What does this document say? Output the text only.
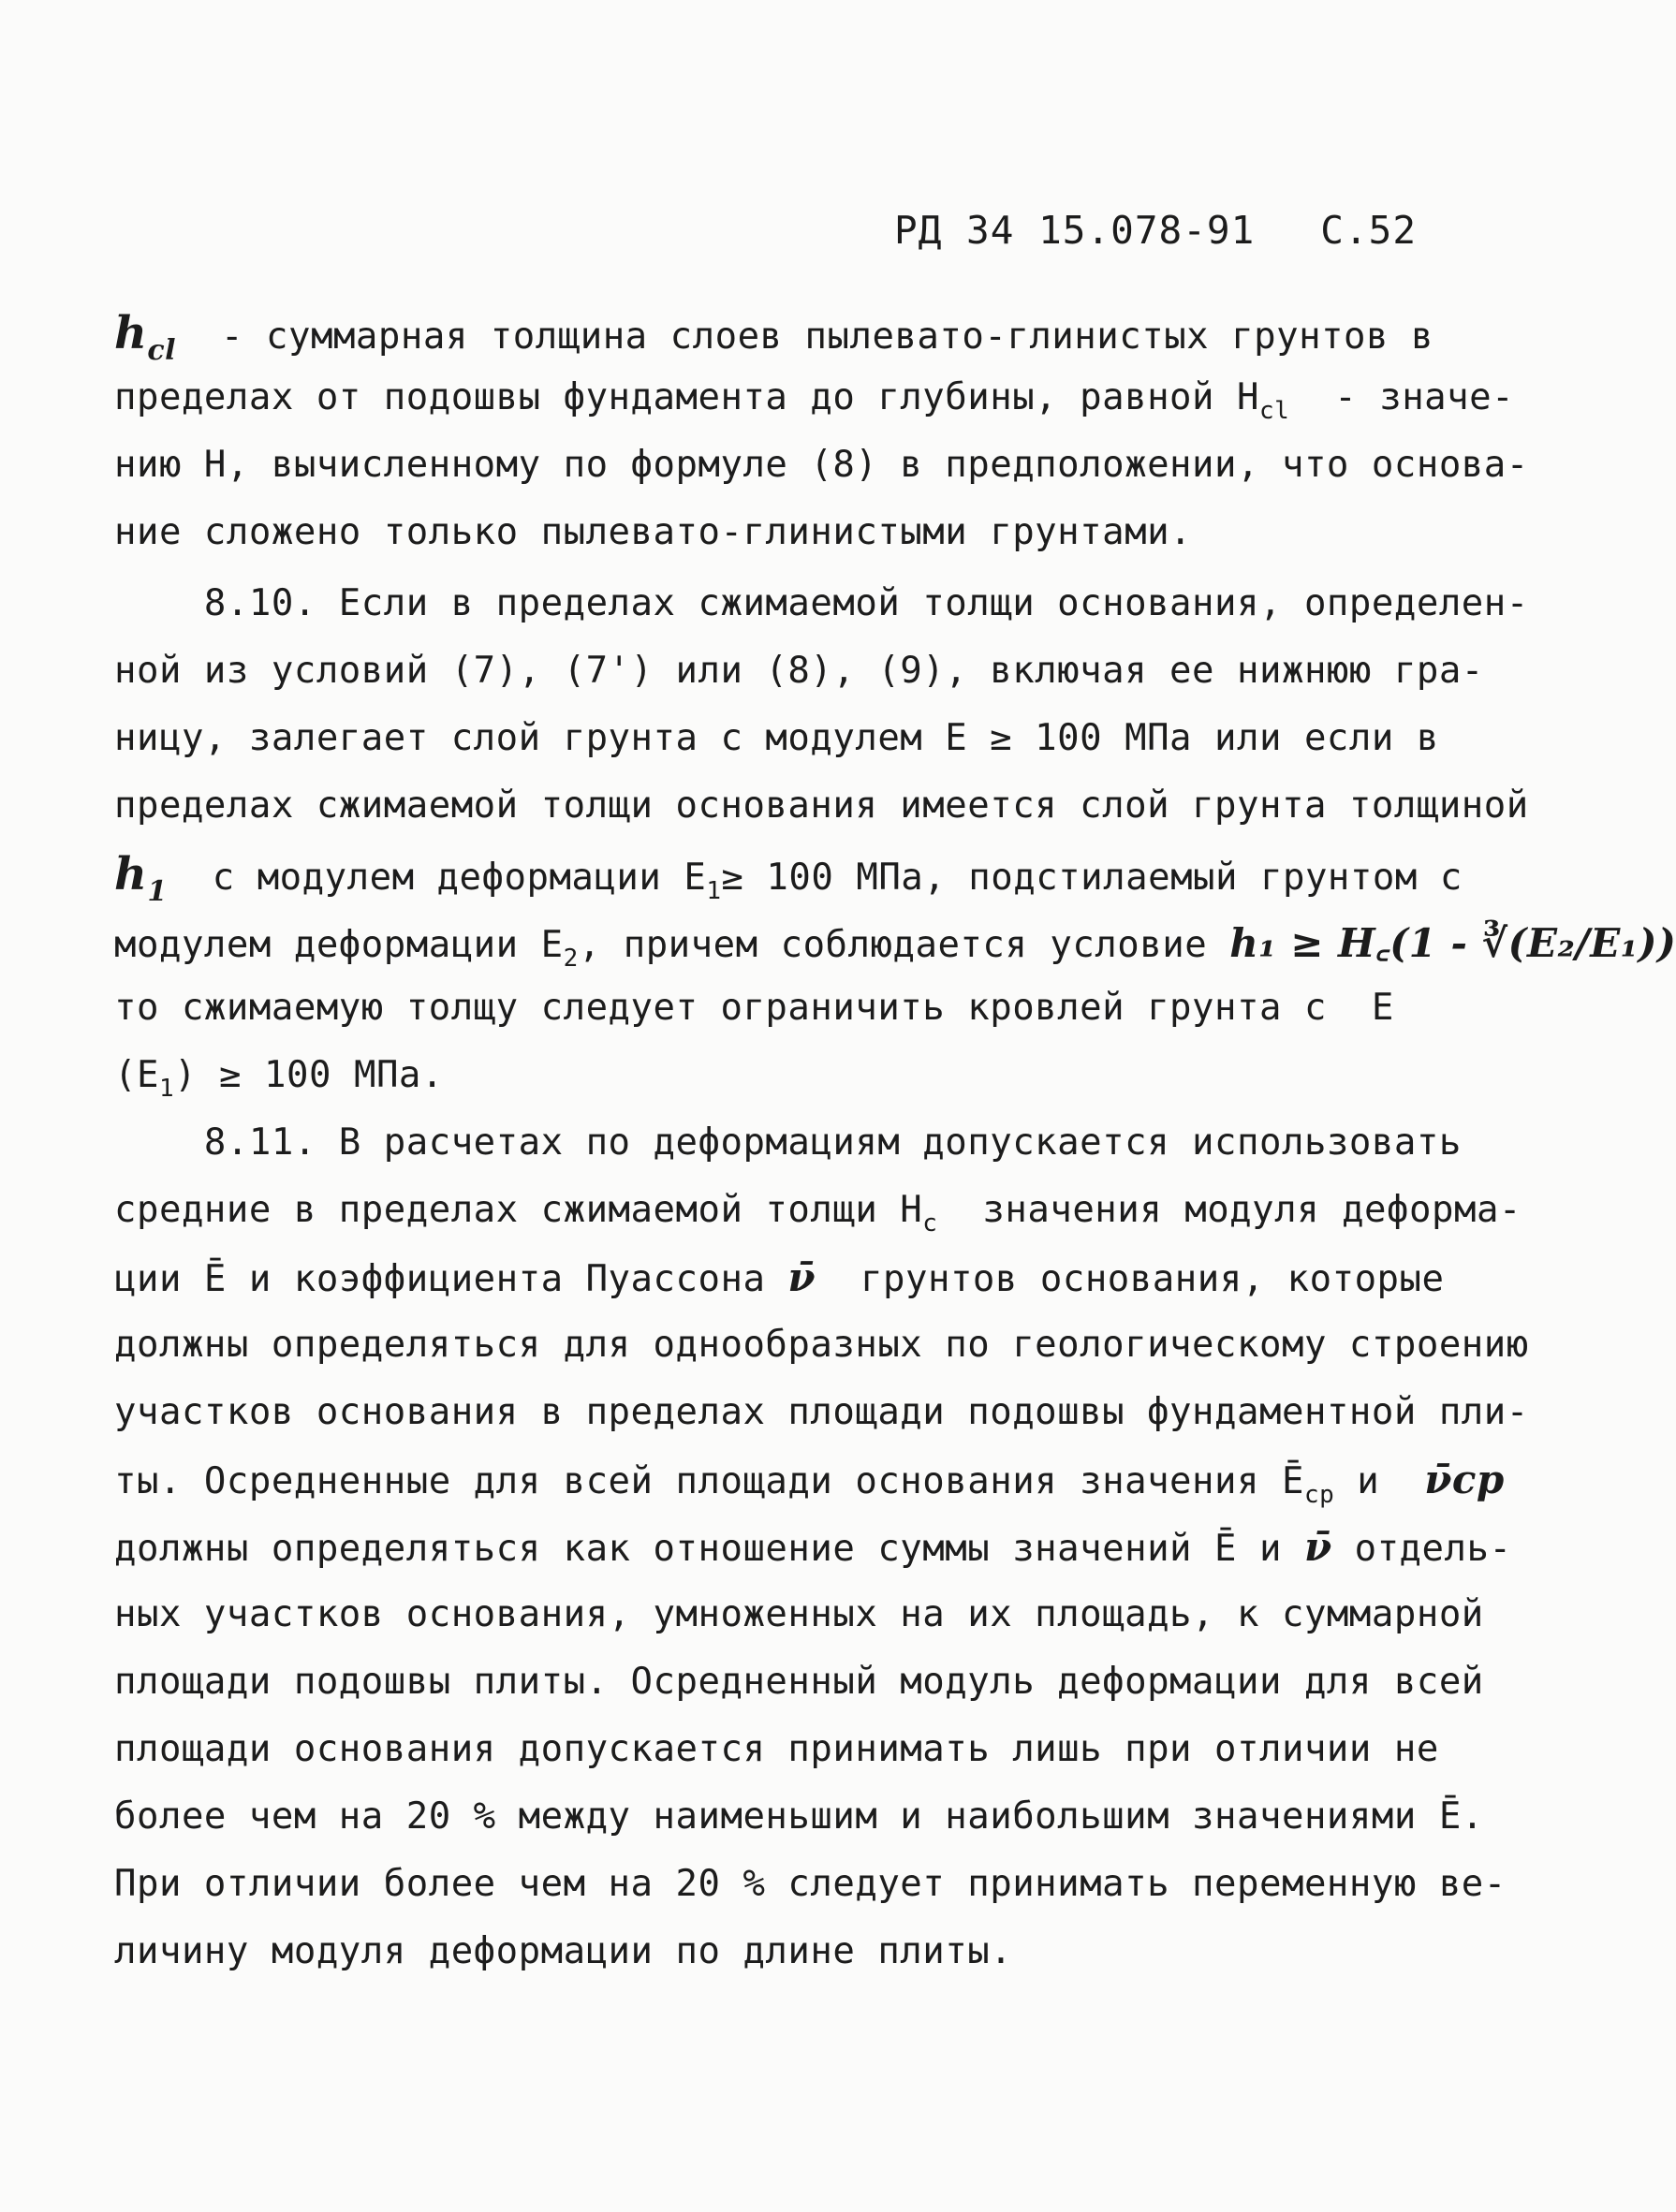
РД 34 15.078-91 С.52
$h_{cl}$  - суммарная толщина слоев пылевато-глинистых грунтов в
пределах от подошвы фундамента до глубины, равной $H_{cl}$  - значе-
нию H, вычисленному по формуле (8) в предположении, что основа-
ние сложено только пылевато-глинистыми грунтами.
8.10. Если в пределах сжимаемой толщи основания, определен-
ной из условий (7), (7') или (8), (9), включая ее нижнюю гра-
ницу, залегает слой грунта с модулем E ≥ 100 МПа или если в
пределах сжимаемой толщи основания имеется слой грунта толщиной
$h_1$  с модулем деформации $E_1\ge 100$ МПа, подстилаемый грунтом с
модулем деформации $E_2$, причем соблюдается условие h₁ ≥ H꜀(1 - ∛(E₂/E₁))
то сжимаемую толщу следует ограничить кровлей грунта с  E
$(E_1) \ge 100$ МПа.
8.11. В расчетах по деформациям допускается использовать
средние в пределах сжимаемой толщи $H_c$  значения модуля деформа-
ции Ē и коэффициента Пуассона ν̄  грунтов основания, которые
должны определяться для однообразных по геологическому строению
участков основания в пределах площади подошвы фундаментной пли-
ты. Осредненные для всей площади основания значения $Ē_{ср}$ и  ν̄ср
должны определяться как отношение суммы значений Ē и ν̄ отдель-
ных участков основания, умноженных на их площадь, к суммарной
площади подошвы плиты. Осредненный модуль деформации для всей
площади основания допускается принимать лишь при отличии не
более чем на 20 % между наименьшим и наибольшим значениями Ē.
При отличии более чем на 20 % следует принимать переменную ве-
личину модуля деформации по длине плиты.
